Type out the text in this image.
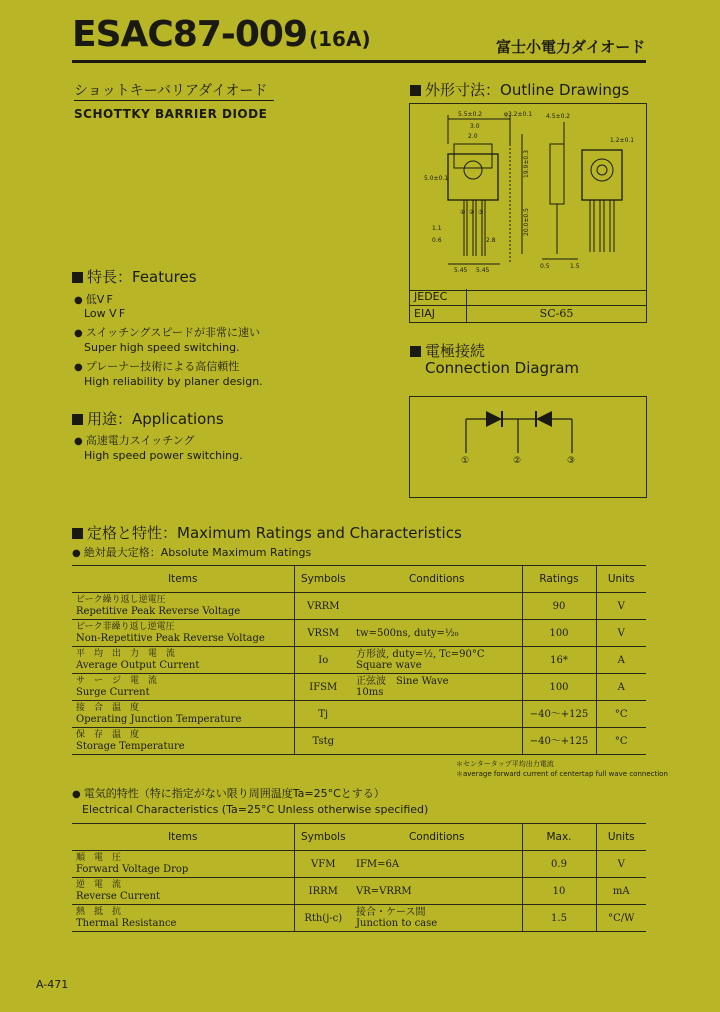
ESAC87-009 (16A)	富士小電力ダイオード
ショットキーバリアダイオード
SCHOTTKY BARRIER DIODE
特長：Features
● 低V F
Low V F
● スイッチングスピードが非常に速い
Super high speed switching.
● プレーナー技術による高信頼性
High reliability by planer design.
用途：Applications
● 高速電力スイッチング
High speed power switching.
外形寸法：Outline Drawings
5.5±0.2	φ3.2±0.1 4.5±0.2
1.2±0.1
3.0
2.0
5.0±0.1
5.45 5.45
1.1
0.6	2.8
1.5
0.5
19.9±0.3
20.0±0.5
① ② ③
JEDEC
EIAJ	SC-65
電極接続
Connection Diagram
①	②	③
定格と特性：Maximum Ratings and Characteristics
● 絶対最大定格：Absolute Maximum Ratings
Items	Symbols	Conditions	Ratings	Units

ピーク繰り返し逆電圧
Repetitive Peak Reverse Voltage	VRRM		90	V

ピーク非繰り返し逆電圧
Non-Repetitive Peak Reverse Voltage	VRSM	tw=500ns, duty=½₀	100	V

平　均　出　力　電　流
Average Output Current	Io	方形波, duty=½, Tc=90°C
Square wave	16*	A

サ　ー　ジ　電　流
Surge Current	IFSM	正弦波　Sine Wave
10ms	100	A

接　合　温　度
Operating Junction Temperature	Tj		−40〜+125	°C

保　存　温　度
Storage Temperature	Tstg		−40〜+125	°C
＊センタータップ平均出力電流
＊average forward current of centertap full wave connection
● 電気的特性（特に指定がない限り周囲温度Ta=25°Cとする）
Electrical Characteristics (Ta=25°C Unless otherwise specified)
Items	Symbols	Conditions	Max.	Units

順　電　圧
Forward Voltage Drop	VFM	IFM=6A	0.9	V

逆　電　流
Reverse Current	IRRM	VR=VRRM	10	mA

熱　抵　抗
Thermal Resistance	Rth(j-c)	接合・ケース間
Junction to case	1.5	°C/W
A-471
